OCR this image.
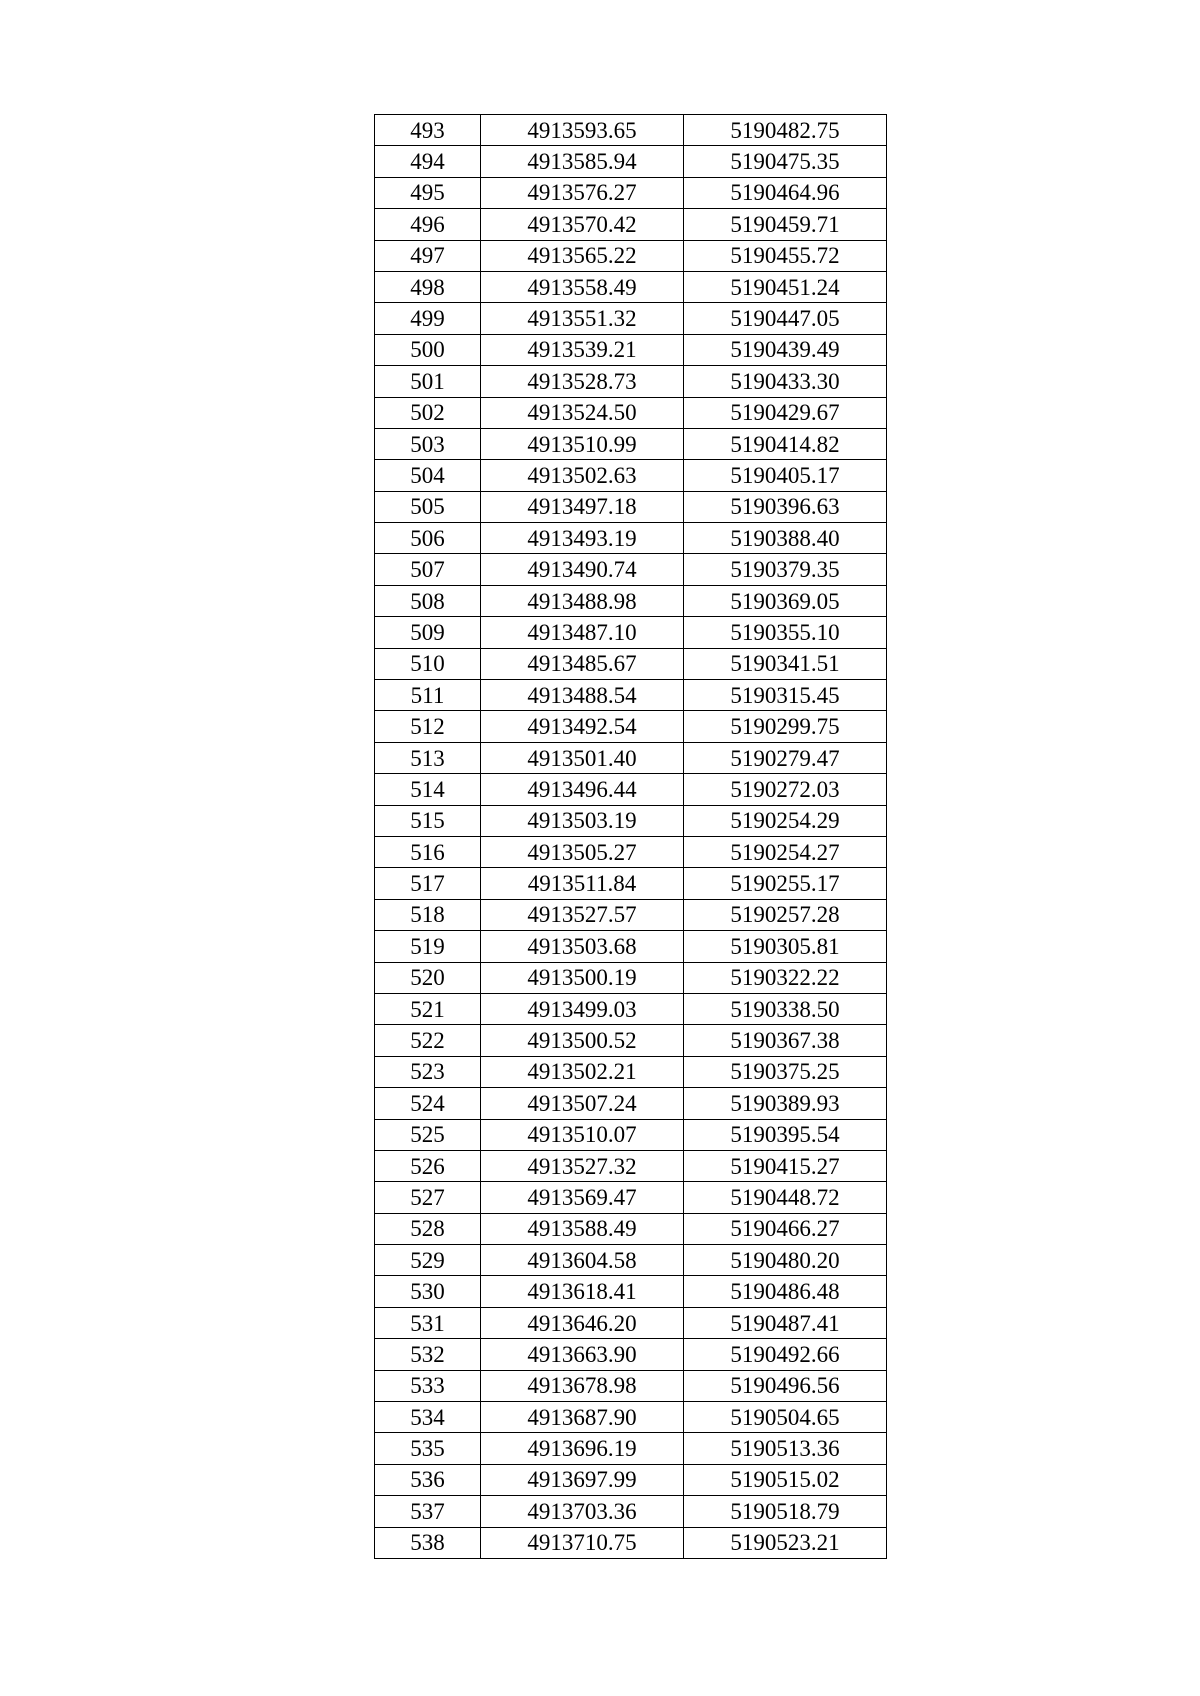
493	4913593.65	5190482.75
494	4913585.94	5190475.35
495	4913576.27	5190464.96
496	4913570.42	5190459.71
497	4913565.22	5190455.72
498	4913558.49	5190451.24
499	4913551.32	5190447.05
500	4913539.21	5190439.49
501	4913528.73	5190433.30
502	4913524.50	5190429.67
503	4913510.99	5190414.82
504	4913502.63	5190405.17
505	4913497.18	5190396.63
506	4913493.19	5190388.40
507	4913490.74	5190379.35
508	4913488.98	5190369.05
509	4913487.10	5190355.10
510	4913485.67	5190341.51
511	4913488.54	5190315.45
512	4913492.54	5190299.75
513	4913501.40	5190279.47
514	4913496.44	5190272.03
515	4913503.19	5190254.29
516	4913505.27	5190254.27
517	4913511.84	5190255.17
518	4913527.57	5190257.28
519	4913503.68	5190305.81
520	4913500.19	5190322.22
521	4913499.03	5190338.50
522	4913500.52	5190367.38
523	4913502.21	5190375.25
524	4913507.24	5190389.93
525	4913510.07	5190395.54
526	4913527.32	5190415.27
527	4913569.47	5190448.72
528	4913588.49	5190466.27
529	4913604.58	5190480.20
530	4913618.41	5190486.48
531	4913646.20	5190487.41
532	4913663.90	5190492.66
533	4913678.98	5190496.56
534	4913687.90	5190504.65
535	4913696.19	5190513.36
536	4913697.99	5190515.02
537	4913703.36	5190518.79
538	4913710.75	5190523.21
